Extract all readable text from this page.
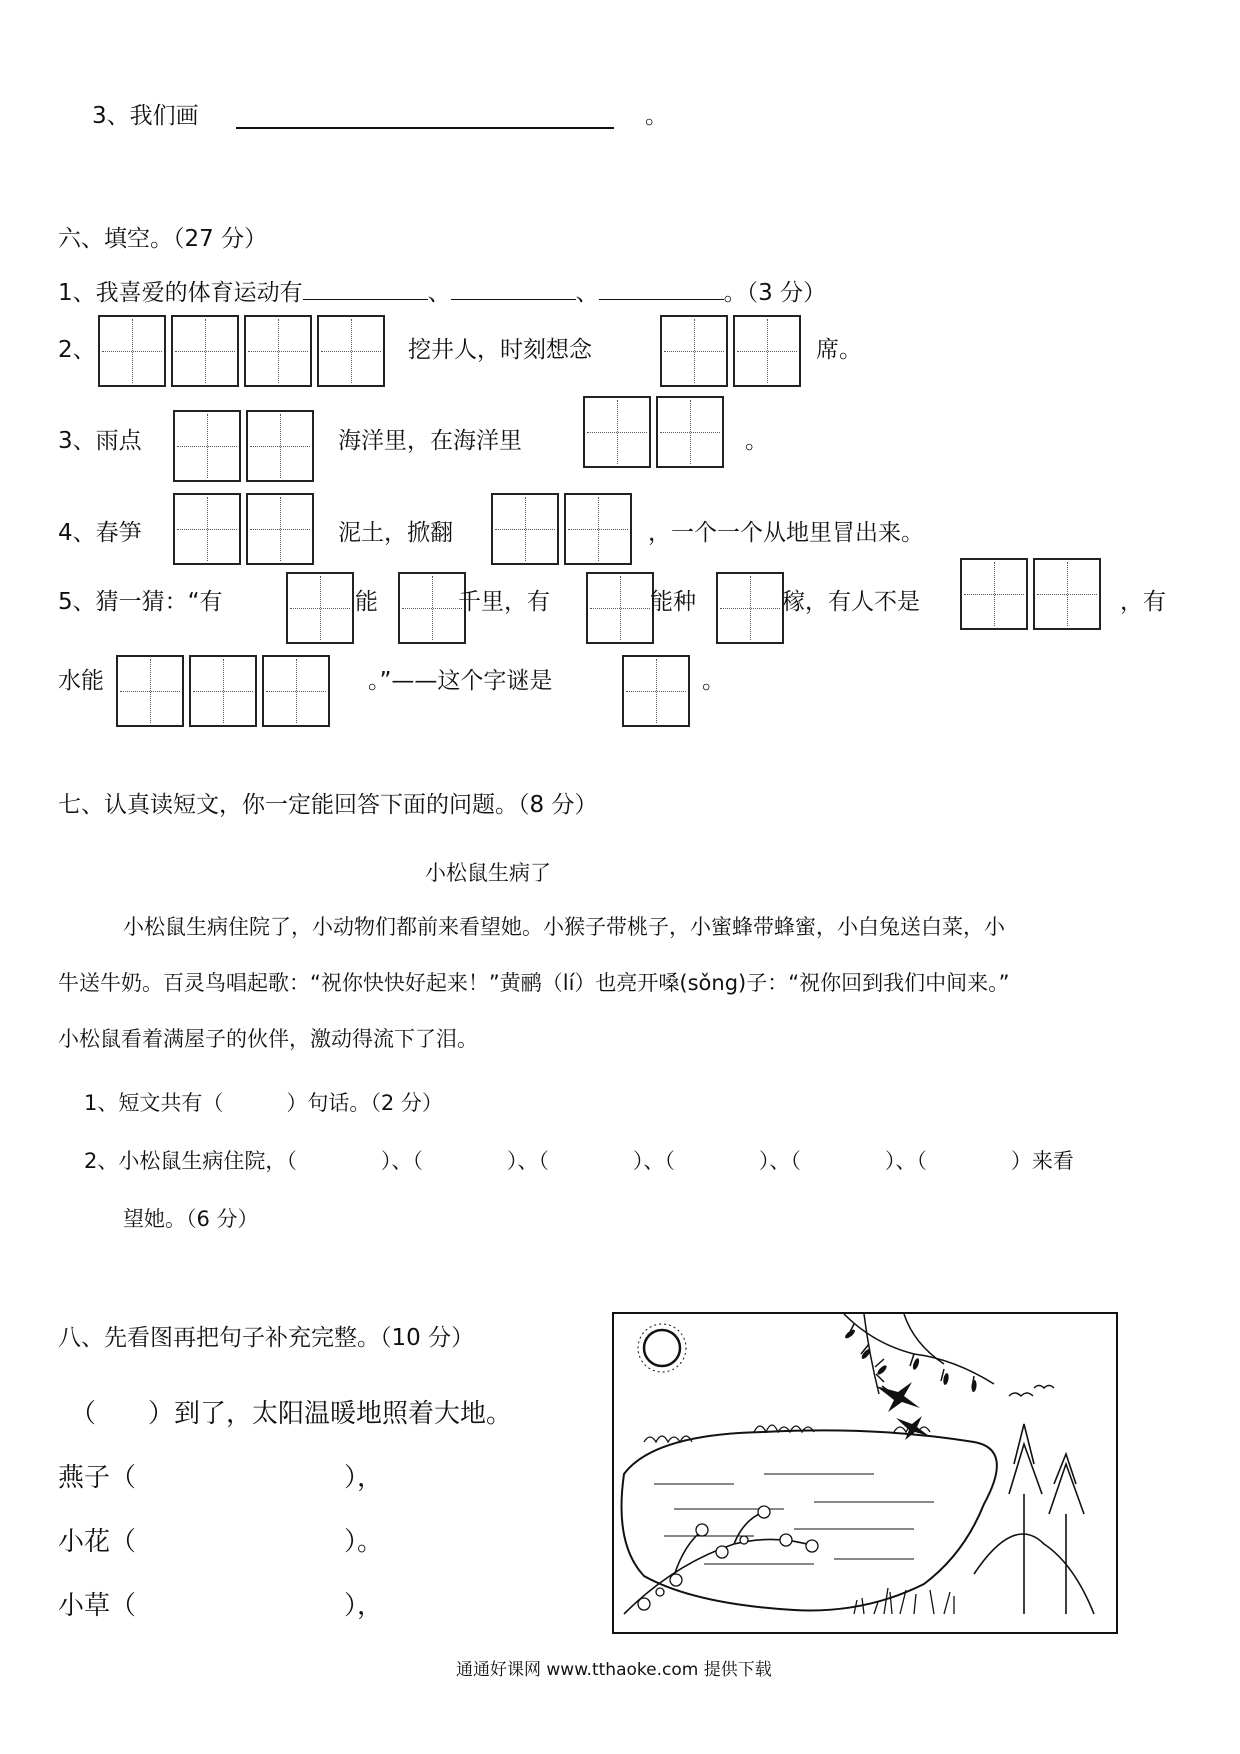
3、我们画	。
六、填空。（27 分）
1、我喜爱的体育运动有	、	、	。（3 分）
2、	挖井人，时刻想念	席。
3、雨点	海洋里，在海洋里	。
4、春笋	泥土，掀翻	，一个一个从地里冒出来。
5、猜一猜：“有	能	千里，有	能种	稼，有人不是	，有
水能	。”——这个字谜是	。
七、认真读短文，你一定能回答下面的问题。（8 分）
小松鼠生病了
小松鼠生病住院了，小动物们都前来看望她。小猴子带桃子，小蜜蜂带蜂蜜，小白兔送白菜，小
牛送牛奶。百灵鸟唱起歌：“祝你快快好起来！”黄鹂（lí）也亮开嗓(sǒng)子：“祝你回到我们中间来。”
小松鼠看着满屋子的伙伴，激动得流下了泪。
1、短文共有（　　　）句话。（2 分）
2、小松鼠生病住院，（　　　　）、（　　　　）、（　　　　）、（　　　　）、（　　　　）、（　　　　）来看
望她。（6 分）
八、先看图再把句子补充完整。（10 分）
（　　）到了，太阳温暖地照着大地。
燕子（　　　　　　　　），
小花（　　　　　　　　）。
小草（　　　　　　　　），
通通好课网 www.tthaoke.com 提供下载
